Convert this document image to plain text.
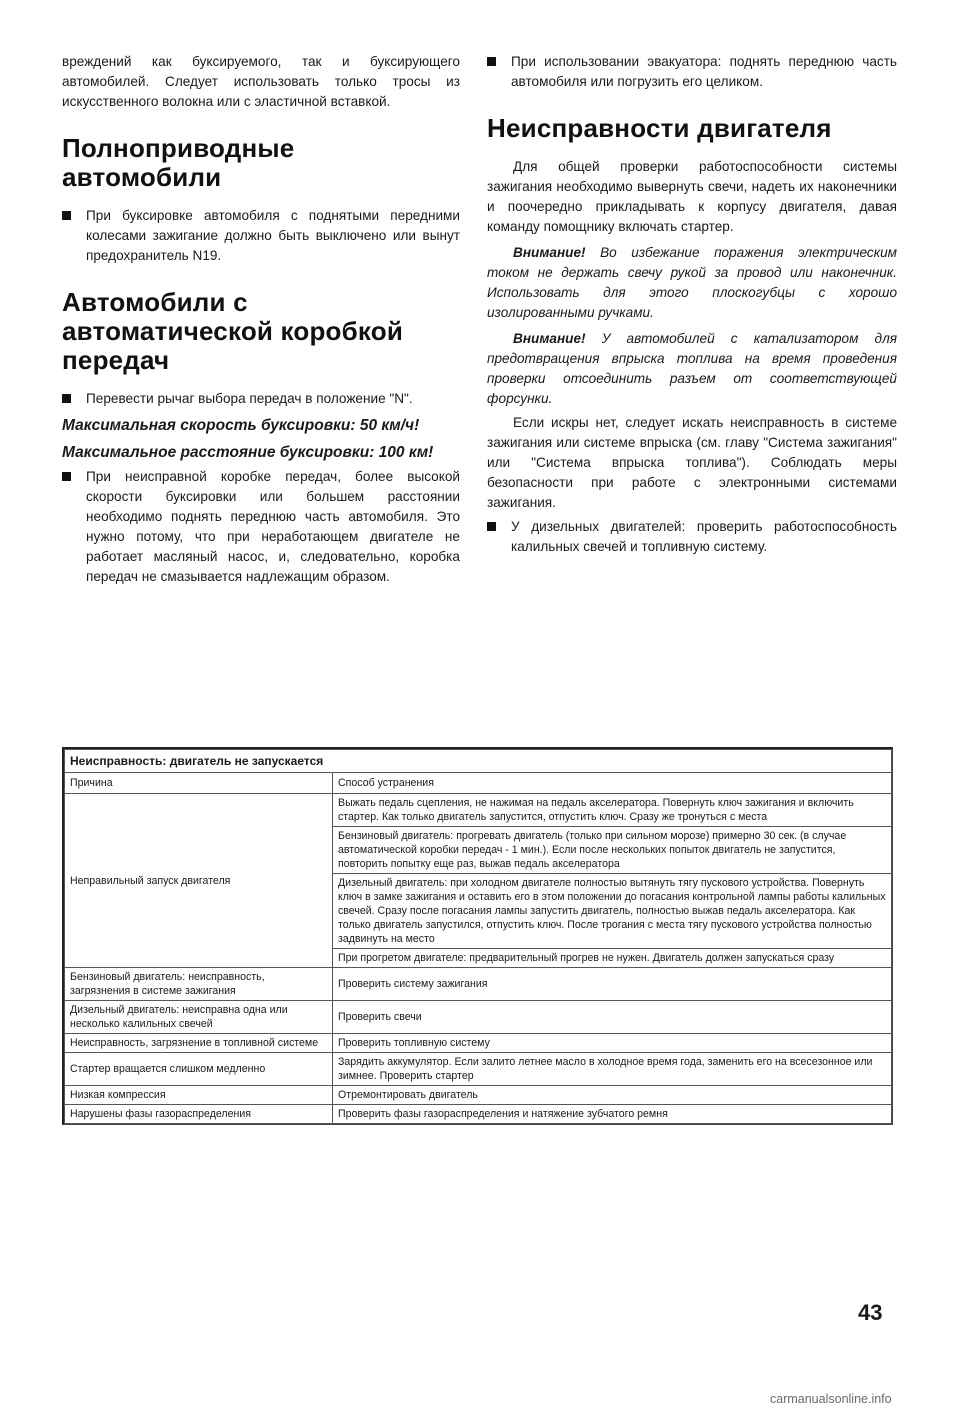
вреждений как буксируемого, так и буксирующего автомобилей. Следует использовать только тросы из искусственного волокна или с эластичной вставкой.

Полноприводные автомобили

При буксировке автомобиля с поднятыми передними колесами зажигание должно быть выключено или вынут предохранитель N19.

Автомобили с автоматической коробкой передач

Перевести рычаг выбора передач в положение "N".

Максимальная скорость буксировки: 50 км/ч!

Максимальное расстояние буксировки: 100 км!

При неисправной коробке передач, более высокой скорости буксировки или большем расстоянии необходимо поднять переднюю часть автомобиля. Это нужно потому, что при неработающем двигателе не работает масляный насос, и, следовательно, коробка передач не смазывается надлежащим образом.

При использовании эвакуатора: поднять переднюю часть автомобиля или погрузить его целиком.

Неисправности двигателя

Для общей проверки работоспособности системы зажигания необходимо вывернуть свечи, надеть их наконечники и поочередно прикладывать к корпусу двигателя, давая команду помощнику включать стартер.

Внимание! Во избежание поражения электрическим током не держать свечу рукой за провод или наконечник. Использовать для этого плоскогубцы с хорошо изолированными ручками.

Внимание! У автомобилей с катализатором для предотвращения впрыска топлива на время проведения проверки отсоединить разъем от соответствующей форсунки.

Если искры нет, следует искать неисправность в системе зажигания или системе впрыска (см. главу "Система зажигания" или "Система впрыска топлива"). Соблюдать меры безопасности при работе с электронными системами зажигания.

У дизельных двигателей: проверить работоспособность калильных свечей и топливную систему.

Неисправность: двигатель не запускается	
Причина	Способ устранения
Неправильный запуск двигателя	Выжать педаль сцепления, не нажимая на педаль акселератора. Повернуть ключ зажигания и включить стартер. Как только двигатель запустится, отпустить ключ. Сразу же тронуться с места
	Бензиновый двигатель: прогревать двигатель (только при сильном морозе) примерно 30 сек. (в случае автоматической коробки передач - 1 мин.). Если после нескольких попыток двигатель не запустится, повторить попытку еще раз, выжав педаль акселератора
	Дизельный двигатель: при холодном двигателе полностью вытянуть тягу пускового устройства. Повернуть ключ в замке зажигания и оставить его в этом положении до погасания контрольной лампы работы калильных свечей. Сразу после погасания лампы запустить двигатель, полностью выжав педаль акселератора. Как только двигатель запустился, отпустить ключ. После трогания с места тягу пускового устройства полностью задвинуть на место
	При прогретом двигателе: предварительный прогрев не нужен. Двигатель должен запускаться сразу
Бензиновый двигатель: неисправность, загрязнения в системе зажигания	Проверить систему зажигания
Дизельный двигатель: неисправна одна или несколько калильных свечей	Проверить свечи
Неисправность, загрязнение в топливной системе	Проверить топливную систему
Стартер вращается слишком медленно	Зарядить аккумулятор. Если залито летнее масло в холодное время года, заменить его на всесезонное или зимнее. Проверить стартер
Низкая компрессия	Отремонтировать двигатель
Нарушены фазы газораспределения	Проверить фазы газораспределения и натяжение зубчатого ремня
43
carmanualsonline.info
